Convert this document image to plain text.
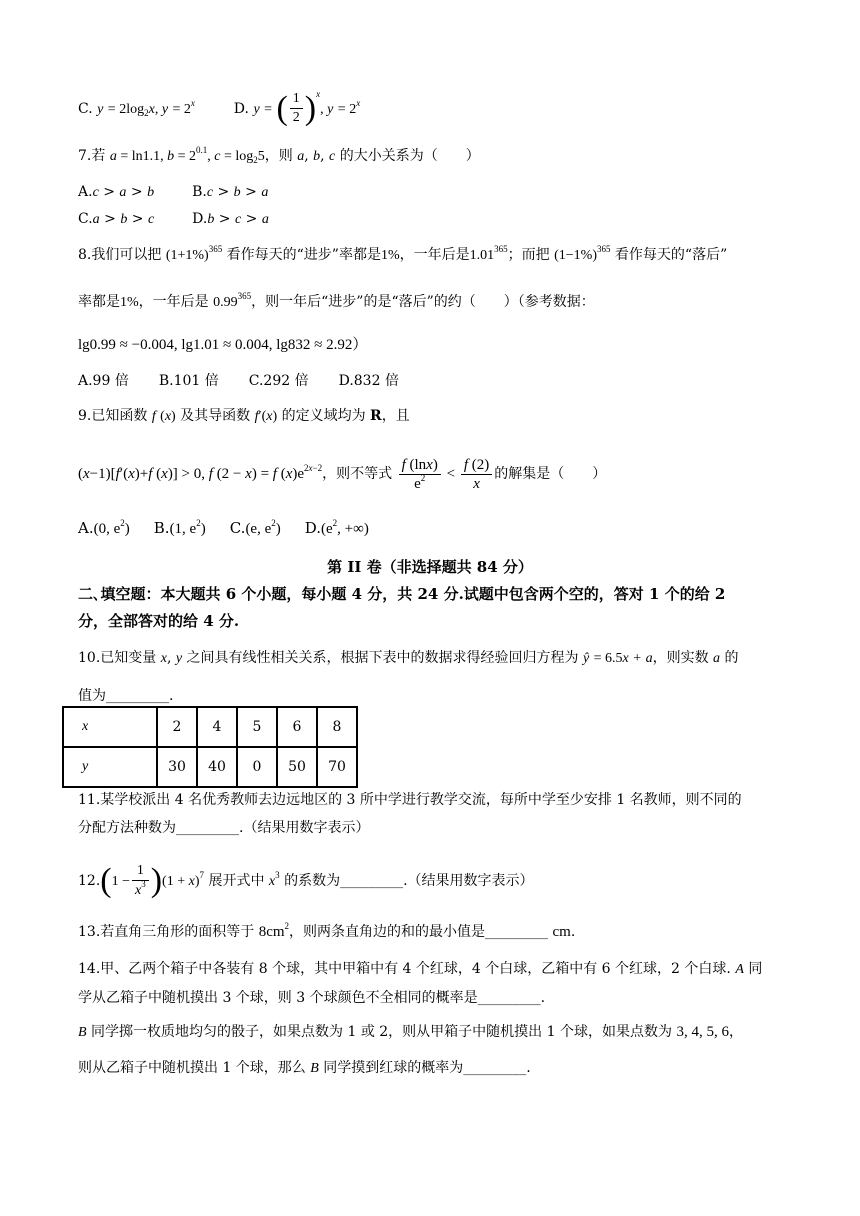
C. $y = 2\log_2x$, $y = 2^x$	D. y = ( $\frac{1}{2} )^x$, $y = 2^x$
7.若 a = ln1.1, $b = 2^{0.1}$, $c = \log_25$，则 a, b, c 的大小关系为（　　）
A.c > a > b	B.c > b > a
C.a > b > c	D.b > c > a
8.我们可以把 $(1+1\%)^{365}$ 看作每天的“进步”率都是1%，一年后是1.01$^{365}$；而把 $(1-1\%)^{365}$ 看作每天的“落后”
率都是1%，一年后是 0.99$^{365}$，则一年后“进步”的是“落后”的约（　　）（参考数据：
lg0.99 ≈ −0.004, lg1.01 ≈ 0.004, lg832 ≈ 2.92）
A.99 倍 B.101 倍 C.292 倍 D.832 倍
9.已知函数 f (x) 及其导函数 f′(x) 的定义域均为 R，且
(x−1)[f′(x)+f (x)] > 0, f (2 − x) = f $(x)e^{2x-2}$，则不等式 $\frac{f (\ln x)}{e^2} < \frac{f (2)}{x}$ 的解集是（　　）
A.(0, $e^2$) B.(1, $e^2$) C.(e, $e^2$) $D.(e^2$, +∞)
第 II 卷（非选择题共 84 分）
二､填空题：本大题共 6 个小题，每小题 4 分，共 24 分.试题中包含两个空的，答对 1 个的给 2
分，全部答对的给 4 分.
10.已知变量 x, y 之间具有线性相关关系，根据下表中的数据求得经验回归方程为 ŷ = 6.5x + a，则实数 a 的
值为_________.
x	2	4	5	6	8
y	30	40	0	50	70
11.某学校派出 4 名优秀教师去边远地区的 3 所中学进行教学交流，每所中学至少安排 1 名教师，则不同的
分配方法种数为_________.（结果用数字表示）
$12.(1 - \frac{1}{x^3} )(1 + x)^7$ 展开式中 $x^3$ 的系数为_________.（结果用数字表示）
13.若直角三角形的面积等于 $8cm^2$，则两条直角边的和的最小值是_________ cm.
14.甲、乙两个箱子中各装有 8 个球，其中甲箱中有 4 个红球，4 个白球，乙箱中有 6 个红球，2 个白球. A 同
学从乙箱子中随机摸出 3 个球，则 3 个球颜色不全相同的概率是_________.
B 同学掷一枚质地均匀的骰子，如果点数为 1 或 2，则从甲箱子中随机摸出 1 个球，如果点数为 3, 4, 5, 6，
则从乙箱子中随机摸出 1 个球，那么 B 同学摸到红球的概率为_________.
